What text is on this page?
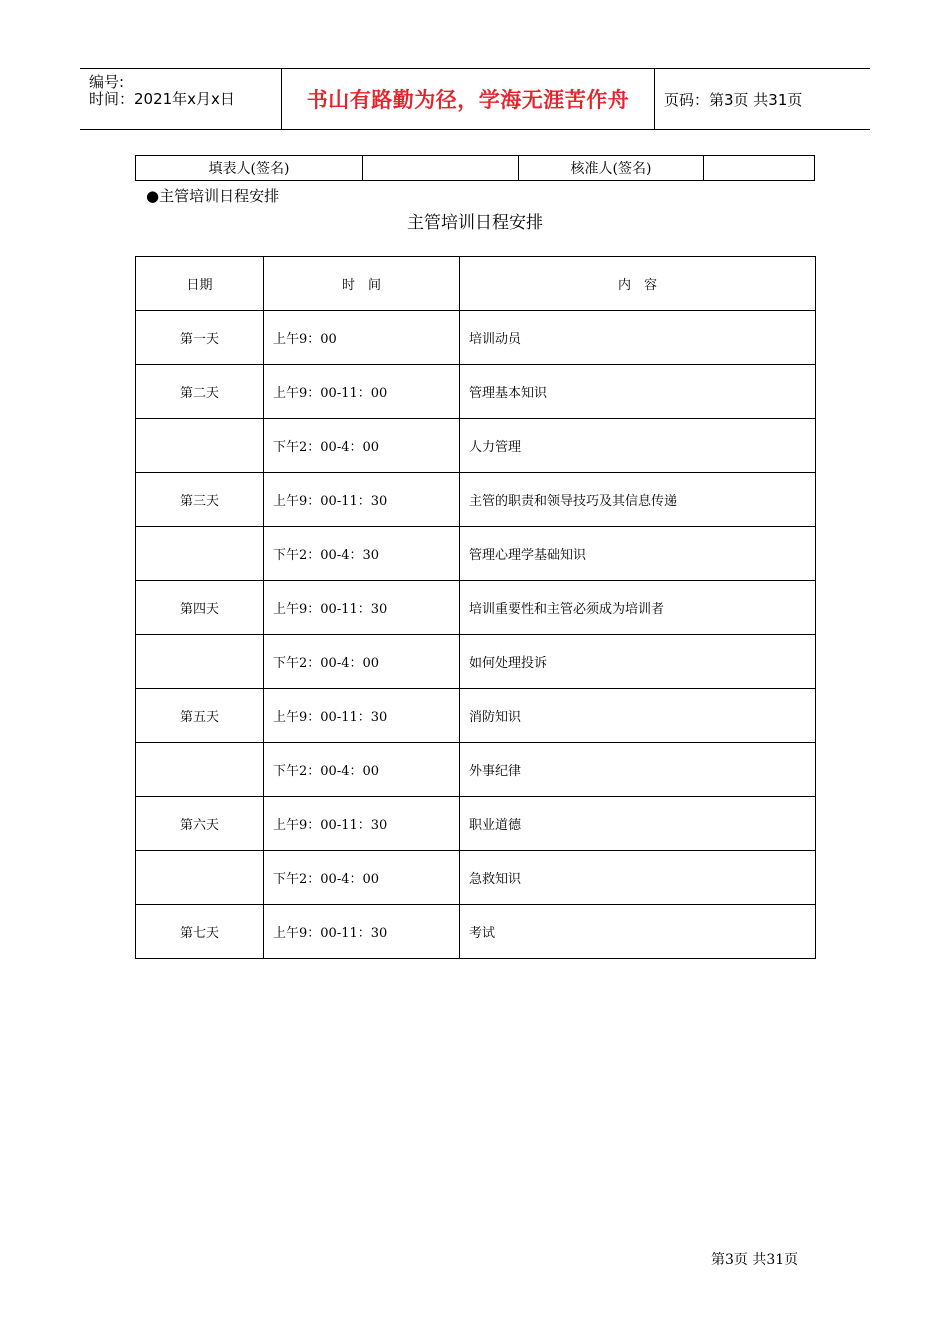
编号:
时间：2021年x月x日	书山有路勤为径，学海无涯苦作舟 页码：第3页 共31页
填表人(签名)		核准人(签名)	
●主管培训日程安排
主管培训日程安排
日期	时　间	内　容
第一天	上午9：00	培训动员
第二天	上午9：00-11：00	管理基本知识
	下午2：00-4：00	人力管理
第三天	上午9：00-11：30	主管的职责和领导技巧及其信息传递
	下午2：00-4：30	管理心理学基础知识
第四天	上午9：00-11：30	培训重要性和主管必须成为培训者
	下午2：00-4：00	如何处理投诉
第五天	上午9：00-11：30	消防知识
	下午2：00-4：00	外事纪律
第六天	上午9：00-11：30	职业道德
	下午2：00-4：00	急救知识
第七天	上午9：00-11：30	考试
第3页 共31页
